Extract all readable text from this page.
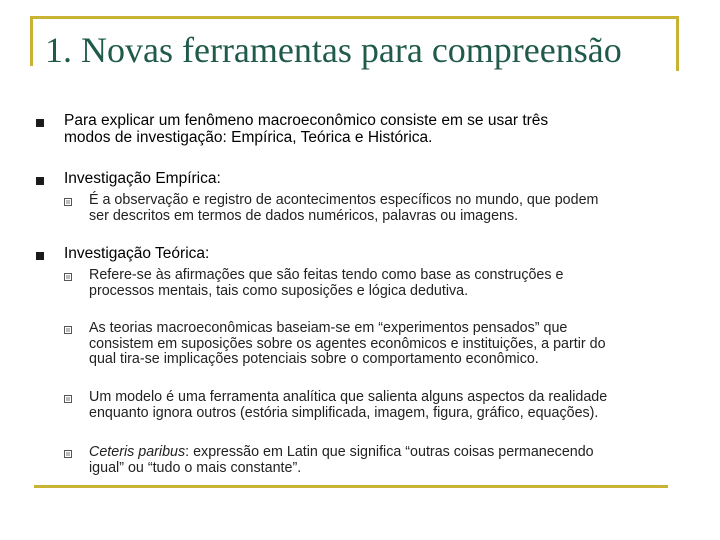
1. Novas ferramentas para compreensão
Para explicar um fenômeno macroeconômico consiste em se usar três
modos de investigação: Empírica, Teórica e Histórica.
Investigação Empírica:
É a observação e registro de acontecimentos específicos no mundo, que podem
ser descritos em termos de dados numéricos, palavras ou imagens.
Investigação Teórica:
Refere-se às afirmações que são feitas tendo como base as construções e
processos mentais, tais como suposições e lógica dedutiva.
As teorias macroeconômicas baseiam-se em “experimentos pensados” que
consistem em suposições sobre os agentes econômicos e instituições, a partir do
qual tira-se implicações potenciais sobre o comportamento econômico.
Um modelo é uma ferramenta analítica que salienta alguns aspectos da realidade
enquanto ignora outros (estória simplificada, imagem, figura, gráfico, equações).
Ceteris paribus: expressão em Latin que significa “outras coisas permanecendo
igual” ou “tudo o mais constante”.
